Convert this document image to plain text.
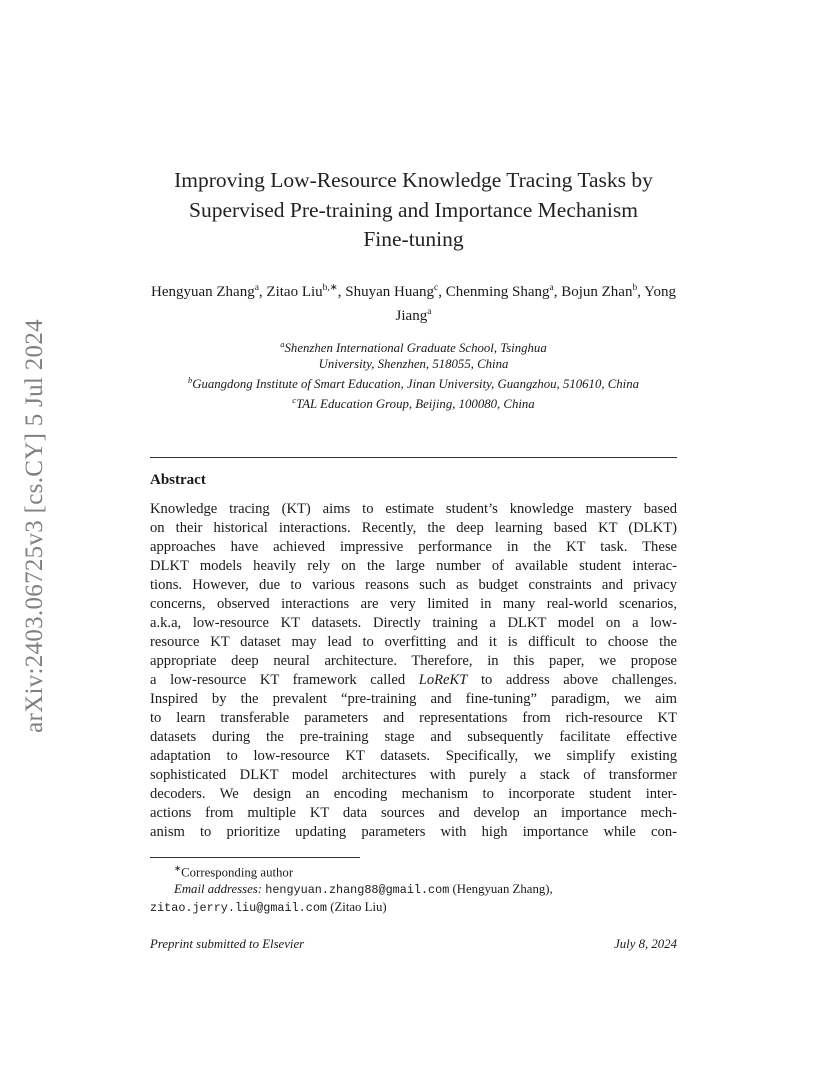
arXiv:2403.06725v3 [cs.CY] 5 Jul 2024
Improving Low-Resource Knowledge Tracing Tasks by
Supervised Pre-training and Importance Mechanism
Fine-tuning
Hengyuan Zhang$^a$, Zitao Liu$^{b,∗}$, Shuyan Huang$^c$, Chenming Shang$^a$, Bojun Zhan$^b$, Yong Jiang$^a$
$^a$Shenzhen International Graduate School, Tsinghua
University, Shenzhen, 518055, China
$^b$Guangdong Institute of Smart Education, Jinan University, Guangzhou, 510610, China
$^c$TAL Education Group, Beijing, 100080, China
Abstract
Knowledge tracing (KT) aims to estimate student’s knowledge mastery based
on their historical interactions. Recently, the deep learning based KT (DLKT)
approaches have achieved impressive performance in the KT task. These
DLKT models heavily rely on the large number of available student interac-
tions. However, due to various reasons such as budget constraints and privacy
concerns, observed interactions are very limited in many real-world scenarios,
a.k.a, low-resource KT datasets. Directly training a DLKT model on a low-
resource KT dataset may lead to overfitting and it is difficult to choose the
appropriate deep neural architecture. Therefore, in this paper, we propose
a low-resource KT framework called LoReKT to address above challenges.
Inspired by the prevalent “pre-training and fine-tuning” paradigm, we aim
to learn transferable parameters and representations from rich-resource KT
datasets during the pre-training stage and subsequently facilitate effective
adaptation to low-resource KT datasets. Specifically, we simplify existing
sophisticated DLKT model architectures with purely a stack of transformer
decoders. We design an encoding mechanism to incorporate student inter-
actions from multiple KT data sources and develop an importance mech-
anism to prioritize updating parameters with high importance while con-
∗Corresponding author
Email addresses: hengyuan.zhang88@gmail.com (Hengyuan Zhang),
zitao.jerry.liu@gmail.com (Zitao Liu)
Preprint submitted to Elsevier	July 8, 2024
